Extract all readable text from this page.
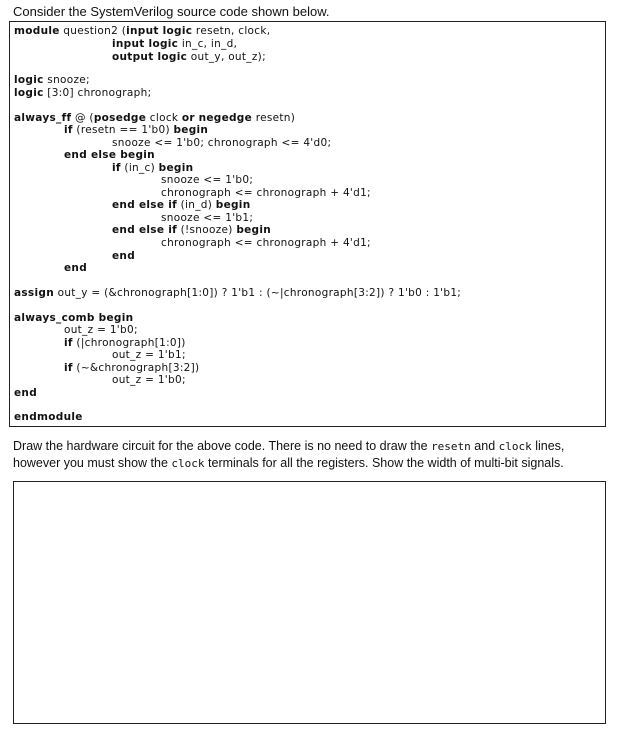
Consider the SystemVerilog source code shown below.
module question2 (input logic resetn, clock,
input logic in_c, in_d,
output logic out_y, out_z);
logic snooze;
logic [3:0] chronograph;
always_ff @ (posedge clock or negedge resetn)
if (resetn == 1'b0) begin
snooze <= 1'b0; chronograph <= 4'd0;
end else begin
if (in_c) begin
snooze <= 1'b0;
chronograph <= chronograph + 4'd1;
end else if (in_d) begin
snooze <= 1'b1;
end else if (!snooze) begin
chronograph <= chronograph + 4'd1;
end
end
assign out_y = (&chronograph[1:0]) ? 1'b1 : (~|chronograph[3:2]) ? 1'b0 : 1'b1;
always_comb begin
out_z = 1'b0;
if (|chronograph[1:0])
out_z = 1'b1;
if (~&chronograph[3:2])
out_z = 1'b0;
end
endmodule
Draw the hardware circuit for the above code. There is no need to draw the resetn and clock lines, however you must show the clock terminals for all the registers. Show the width of multi-bit signals.
